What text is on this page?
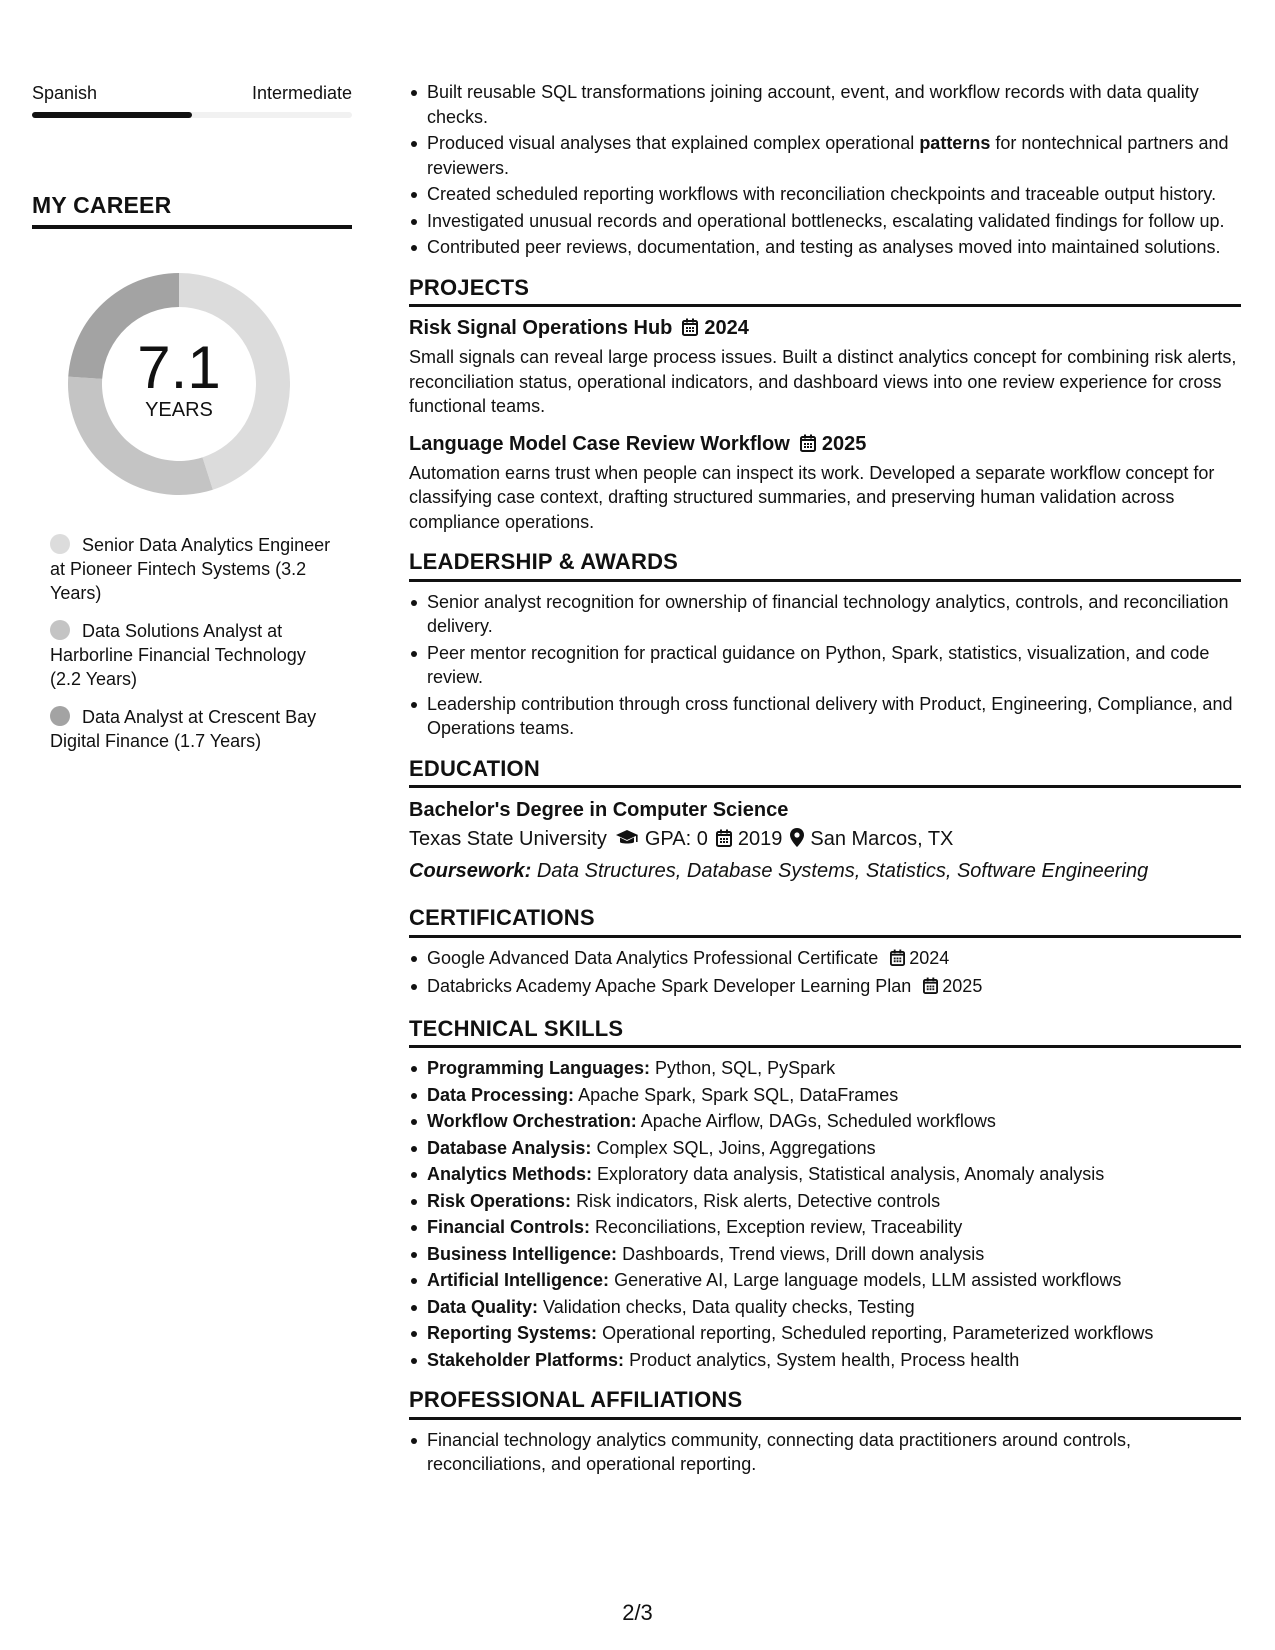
Spanish	Intermediate
MY CAREER
7.1
YEARS
Senior Data Analytics Engineer at Pioneer Fintech Systems (3.2 Years)
Data Solutions Analyst at Harborline Financial Technology (2.2 Years)
Data Analyst at Crescent Bay Digital Finance (1.7 Years)
Built reusable SQL transformations joining account, event, and workflow records with data quality checks.
Produced visual analyses that explained complex operational patterns for nontechnical partners and reviewers.
Created scheduled reporting workflows with reconciliation checkpoints and traceable output history.
Investigated unusual records and operational bottlenecks, escalating validated findings for follow up.
Contributed peer reviews, documentation, and testing as analyses moved into maintained solutions.
PROJECTS
Risk Signal Operations Hub 2024
Small signals can reveal large process issues. Built a distinct analytics concept for combining risk alerts, reconciliation status, operational indicators, and dashboard views into one review experience for cross functional teams.
Language Model Case Review Workflow 2025
Automation earns trust when people can inspect its work. Developed a separate workflow concept for classifying case context, drafting structured summaries, and preserving human validation across compliance operations.
LEADERSHIP & AWARDS
Senior analyst recognition for ownership of financial technology analytics, controls, and reconciliation delivery.
Peer mentor recognition for practical guidance on Python, Spark, statistics, visualization, and code review.
Leadership contribution through cross functional delivery with Product, Engineering, Compliance, and Operations teams.
EDUCATION
Bachelor's Degree in Computer Science
Texas State University GPA: 0 2019 San Marcos, TX
Coursework: Data Structures, Database Systems, Statistics, Software Engineering
CERTIFICATIONS
Google Advanced Data Analytics Professional Certificate 2024
Databricks Academy Apache Spark Developer Learning Plan 2025
TECHNICAL SKILLS
Programming Languages: Python, SQL, PySpark
Data Processing: Apache Spark, Spark SQL, DataFrames
Workflow Orchestration: Apache Airflow, DAGs, Scheduled workflows
Database Analysis: Complex SQL, Joins, Aggregations
Analytics Methods: Exploratory data analysis, Statistical analysis, Anomaly analysis
Risk Operations: Risk indicators, Risk alerts, Detective controls
Financial Controls: Reconciliations, Exception review, Traceability
Business Intelligence: Dashboards, Trend views, Drill down analysis
Artificial Intelligence: Generative AI, Large language models, LLM assisted workflows
Data Quality: Validation checks, Data quality checks, Testing
Reporting Systems: Operational reporting, Scheduled reporting, Parameterized workflows
Stakeholder Platforms: Product analytics, System health, Process health
PROFESSIONAL AFFILIATIONS
Financial technology analytics community, connecting data practitioners around controls, reconciliations, and operational reporting.
2/3
